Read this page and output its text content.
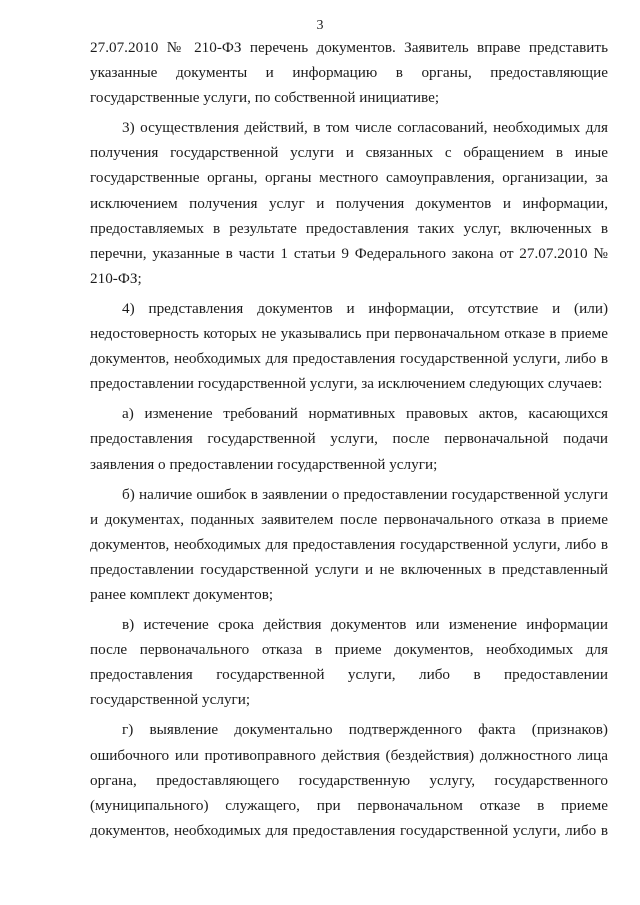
3

27.07.2010 № 210-ФЗ перечень документов. Заявитель вправе представить указанные документы и информацию в органы, предоставляющие государственные услуги, по собственной инициативе;

3) осуществления действий, в том числе согласований, необходимых для получения государственной услуги и связанных с обращением в иные государственные органы, органы местного самоуправления, организации, за исключением получения услуг и получения документов и информации, предоставляемых в результате предоставления таких услуг, включенных в перечни, указанные в части 1 статьи 9 Федерального закона от 27.07.2010 № 210-ФЗ;

4) представления документов и информации, отсутствие и (или) недостоверность которых не указывались при первоначальном отказе в приеме документов, необходимых для предоставления государственной услуги, либо в предоставлении государственной услуги, за исключением следующих случаев:

а) изменение требований нормативных правовых актов, касающихся предоставления государственной услуги, после первоначальной подачи заявления о предоставлении государственной услуги;

б) наличие ошибок в заявлении о предоставлении государственной услуги и документах, поданных заявителем после первоначального отказа в приеме документов, необходимых для предоставления государственной услуги, либо в предоставлении государственной услуги и не включенных в представленный ранее комплект документов;

в) истечение срока действия документов или изменение информации после первоначального отказа в приеме документов, необходимых для предоставления государственной услуги, либо в предоставлении государственной услуги;

г) выявление документально подтвержденного факта (признаков) ошибочного или противоправного действия (бездействия) должностного лица органа, предоставляющего государственную услугу, государственного (муниципального) служащего, при первоначальном отказе в приеме документов, необходимых для предоставления государственной услуги, либо в
